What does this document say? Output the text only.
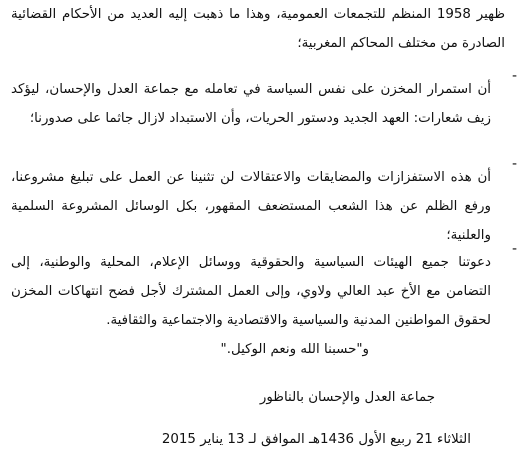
ظهير 1958 المنظم للتجمعات العمومية، وهذا ما ذهبت إليه العديد من الأحكام القضائية الصادرة من مختلف المحاكم المغربية؛

-

أن استمرار المخزن على نفس السياسة في تعامله مع جماعة العدل والإحسان، ليؤكد زيف شعارات: العهد الجديد ودستور الحريات، وأن الاستبداد لازال جاثما على صدورنا؛

-

أن هذه الاستفزازات والمضايقات والاعتقالات لن تثنينا عن العمل على تبليغ مشروعنا، ورفع الظلم عن هذا الشعب المستضعف المقهور، بكل الوسائل المشروعة السلمية والعلنية؛

-

دعوتنا جميع الهيئات السياسية والحقوقية ووسائل الإعلام، المحلية والوطنية، إلى التضامن مع الأخ عبد العالي ولاوي، وإلى العمل المشترك لأجل فضح انتهاكات المخزن لحقوق المواطنين المدنية والسياسية والاقتصادية والاجتماعية والثقافية.

و"حسبنا الله ونعم الوكيل."
جماعة العدل والإحسان بالناظور
الثلاثاء 21 ربيع الأول 1436هـ الموافق لـ 13 يناير 2015
